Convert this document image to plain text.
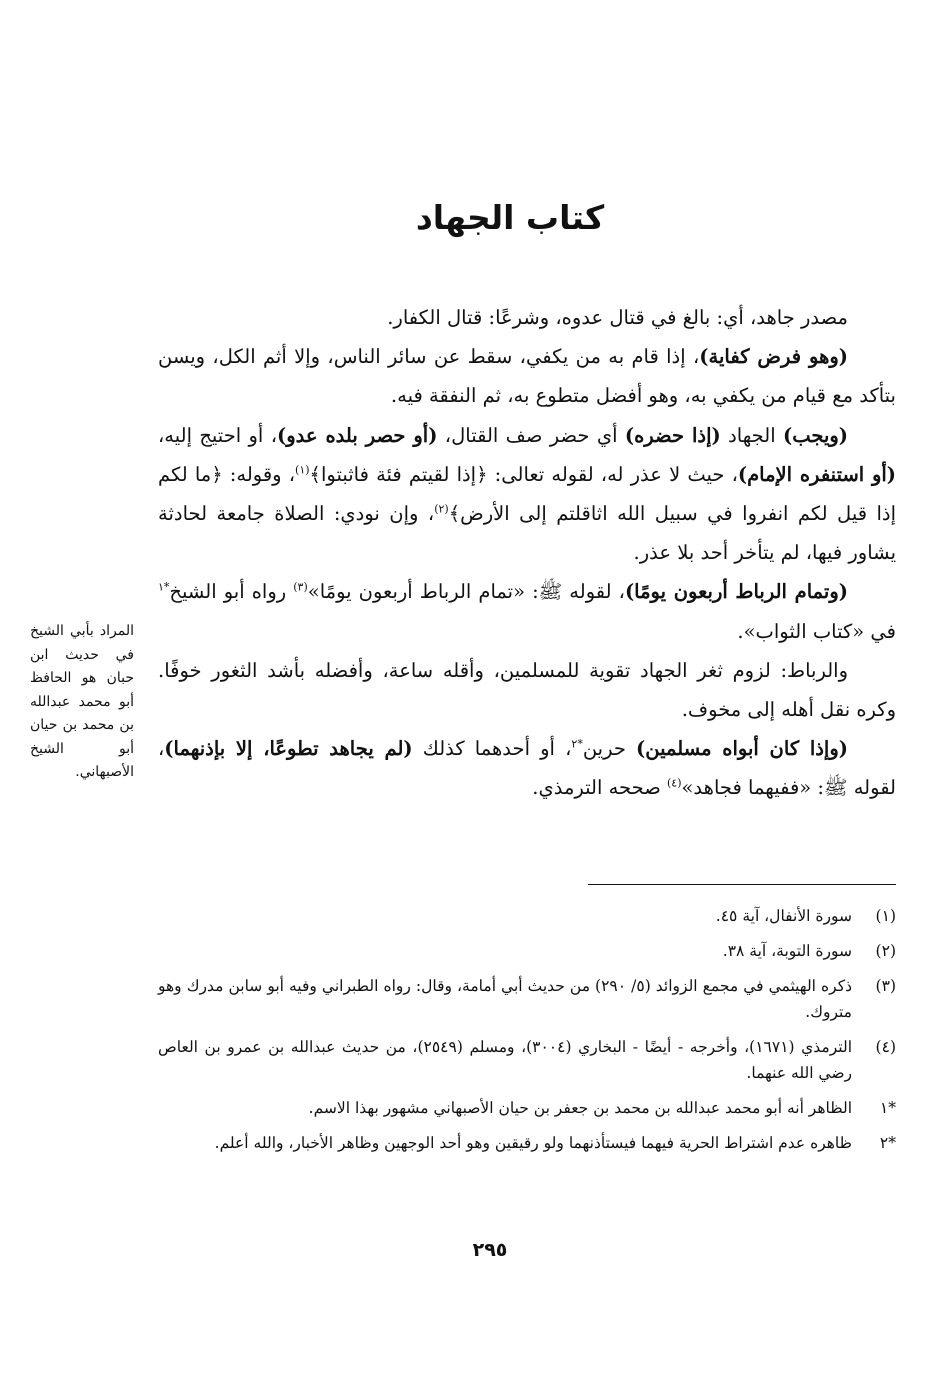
كتاب الجهاد

مصدر جاهد، أي: بالغ في قتال عدوه، وشرعًا: قتال الكفار.

(وهو فرض كفاية)، إذا قام به من يكفي، سقط عن سائر الناس، وإلا أثم الكل، ويسن بتأكد مع قيام من يكفي به، وهو أفضل متطوع به، ثم النفقة فيه.

(ويجب) الجهاد (إذا حضره) أي حضر صف القتال، (أو حصر بلده عدو)، أو احتيج إليه، (أو استنفره الإمام)، حيث لا عذر له، لقوله تعالى: ﴿إذا لقيتم فئة فاثبتوا﴾$^{(١)}$، وقوله: ﴿ما لكم إذا قيل لكم انفروا في سبيل الله اثاقلتم إلى الأرض﴾$^{(٢)}$، وإن نودي: الصلاة جامعة لحادثة يشاور فيها، لم يتأخر أحد بلا عذر.

(وتمام الرباط أربعون يومًا)، لقوله ﷺ: «تمام الرباط أربعون يومًا»$^{(٣)}$ رواه أبو الشيخ$^{*١}$ في «كتاب الثواب».

والرباط: لزوم ثغر الجهاد تقوية للمسلمين، وأقله ساعة، وأفضله بأشد الثغور خوفًا. وكره نقل أهله إلى مخوف.

(وإذا كان أبواه مسلمين) حرين$^{*٢}$، أو أحدهما كذلك (لم يجاهد تطوعًا، إلا بإذنهما)، لقوله ﷺ: «ففيهما فجاهد»$^{(٤)}$ صححه الترمذي.

المراد بأبي الشيخ في حديث ابن حبان هو الحافظ أبو محمد عبدالله بن محمد بن حيان أبو الشيخ الأصبهاني.
(١)
سورة الأنفال، آية ٤٥.
(٢)
سورة التوبة، آية ٣٨.
(٣)
ذكره الهيثمي في مجمع الزوائد (٥/ ٢٩٠) من حديث أبي أمامة، وقال: رواه الطبراني وفيه أبو سابن مدرك وهو متروك.
(٤)
الترمذي (١٦٧١)، وأخرجه - أيضًا - البخاري (٣٠٠٤)، ومسلم (٢٥٤٩)، من حديث عبدالله بن عمرو بن العاص رضي الله عنهما.
*١
الظاهر أنه أبو محمد عبدالله بن محمد بن جعفر بن حيان الأصبهاني مشهور بهذا الاسم.
*٢
ظاهره عدم اشتراط الحرية فيهما فيستأذنهما ولو رقيقين وهو أحد الوجهين وظاهر الأخبار، والله أعلم.
٢٩٥
